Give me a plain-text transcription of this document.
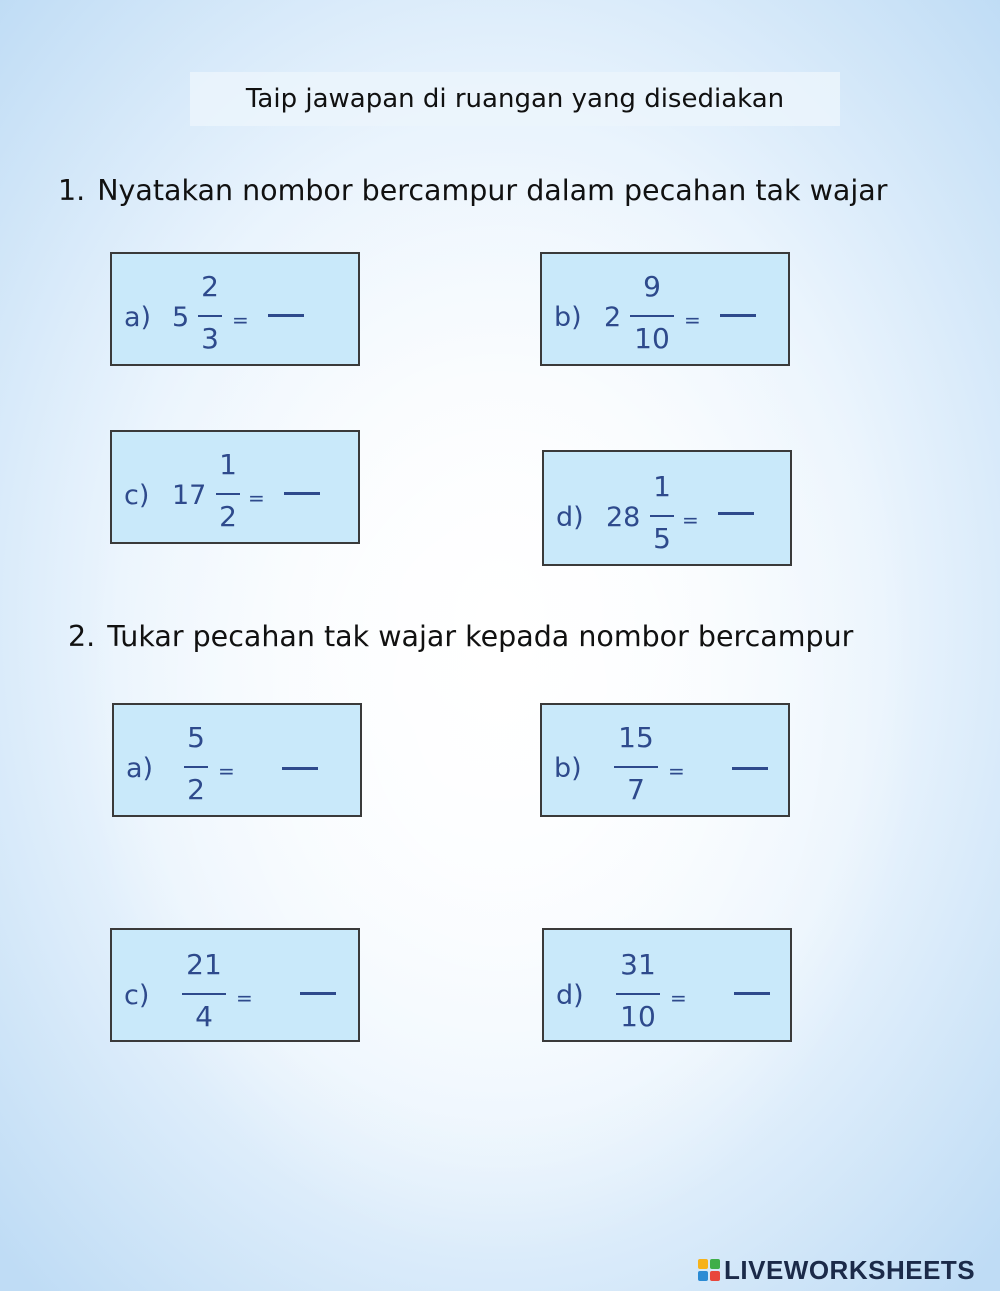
Taip jawapan di ruangan yang disediakan
1. Nyatakan nombor bercampur dalam pecahan tak wajar
a) 5
2
3
=	b) 2
9
10
=
c) 17
1
2
=
d) 28
1
5
=
2. Tukar pecahan tak wajar kepada nombor bercampur
a)
5
2
=	b)
15
7
=
c)
21
4
=	d)
31
10
=
LIVEWORKSHEETS
